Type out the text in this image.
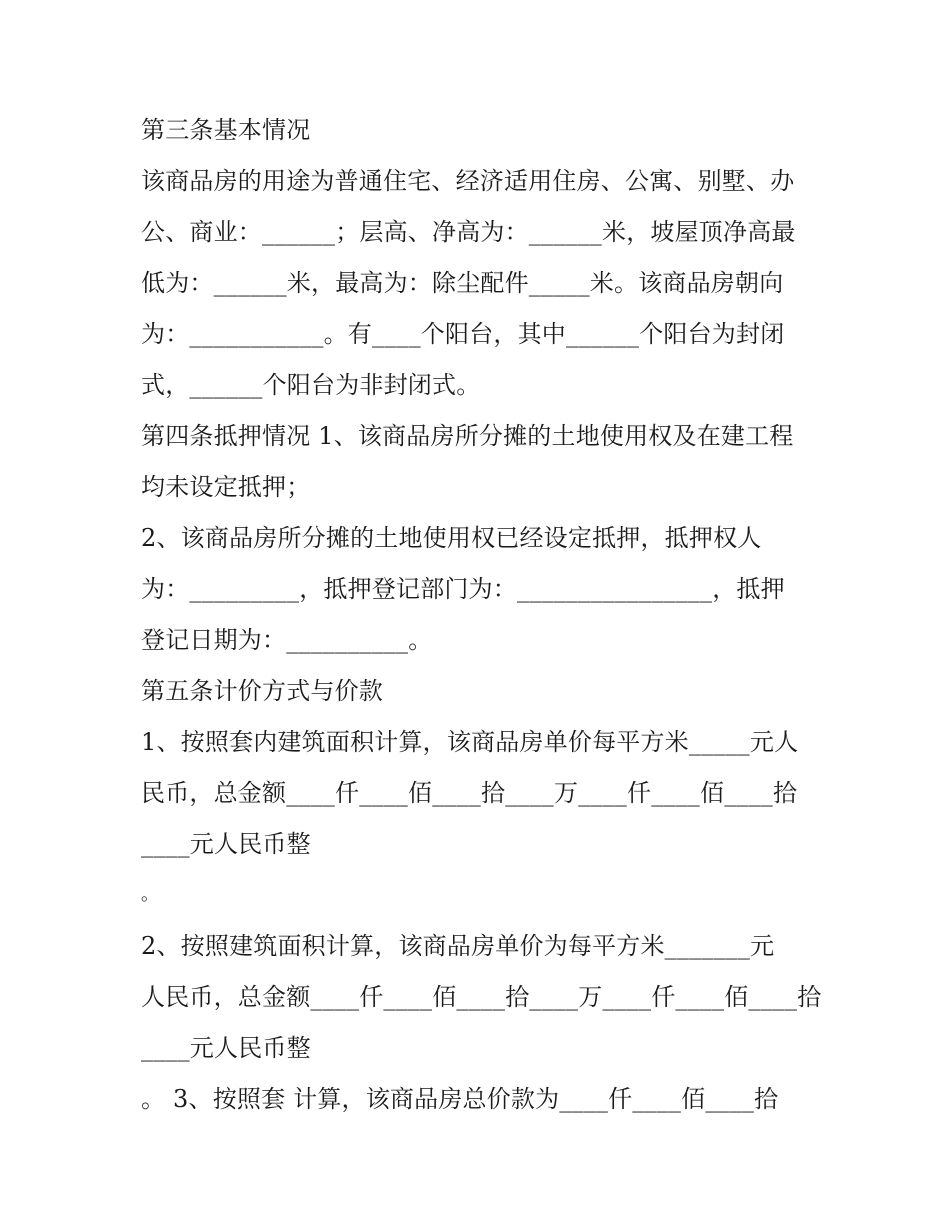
第三条基本情况
该商品房的用途为普通住宅、经济适用住房、公寓、别墅、办
公、商业：______；层高、净高为：______米，坡屋顶净高最
低为：______米，最高为：除尘配件_____米。该商品房朝向
为：___________。有____个阳台，其中______个阳台为封闭
式，______个阳台为非封闭式。
第四条抵押情况 1、该商品房所分摊的土地使用权及在建工程
均未设定抵押；
2、该商品房所分摊的土地使用权已经设定抵押，抵押权人
为：_________，抵押登记部门为：________________，抵押
登记日期为：__________。
第五条计价方式与价款
1、按照套内建筑面积计算，该商品房单价每平方米_____元人
民币，总金额____仟____佰____拾____万____仟____佰____拾
____元人民币整
。
2、按照建筑面积计算，该商品房单价为每平方米_______元
人民币，总金额____仟____佰____拾____万____仟____佰____拾
____元人民币整
。 3、按照套 计算，该商品房总价款为____仟____佰____拾
